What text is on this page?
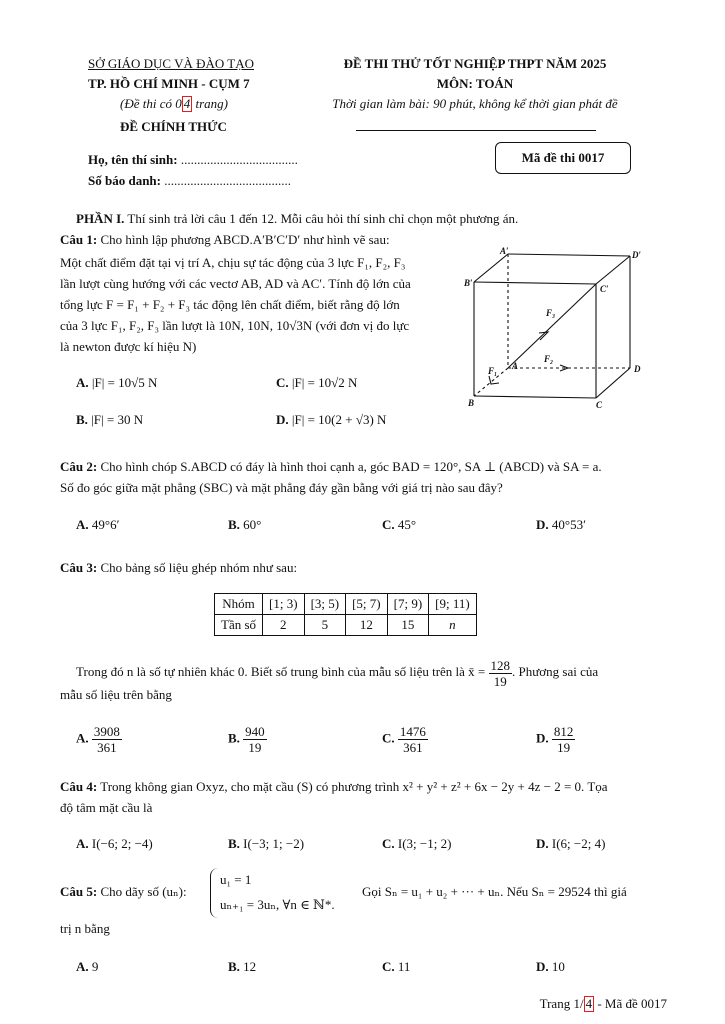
SỞ GIÁO DỤC VÀ ĐÀO TẠO
TP. HỒ CHÍ MINH - CỤM 7
(Đề thi có 0 4 trang)
ĐỀ CHÍNH THỨC
ĐỀ THI THỬ TỐT NGHIỆP THPT NĂM 2025
MÔN: TOÁN
Thời gian làm bài: 90 phút, không kể thời gian phát đề
Họ, tên thí sinh: ....................................
Số báo danh: .......................................
Mã đề thi 0017
PHẦN I. Thí sinh trả lời câu 1 đến 12. Mỗi câu hỏi thí sinh chỉ chọn một phương án.
Câu 1: Cho hình lập phương ABCD.A′B′C′D′ như hình vẽ sau:
Một chất điểm đặt tại vị trí A, chịu sự tác động của 3 lực F₁, F₂, F₃
lần lượt cùng hướng với các vectơ AB, AD và AC′. Tính độ lớn của
tổng lực F = F₁ + F₂ + F₃ tác động lên chất điểm, biết rằng độ lớn
của 3 lực F₁, F₂, F₃ lần lượt là 10N, 10N, 10√3N (với đơn vị đo lực
là newton được kí hiệu N)
A. |F| = 10√5 N	C. |F| = 10√2 N
B. |F| = 30 N	D. |F| = 10(2 + √3) N
A′	D′
B′
C′
A	D
B	C
F₁
F₂
F₃
Câu 2: Cho hình chóp S.ABCD có đáy là hình thoi cạnh a, góc BAD = 120°, SA ⊥ (ABCD) và SA = a.
Số đo góc giữa mặt phẳng (SBC) và mặt phẳng đáy gần bằng với giá trị nào sau đây?
A. 49°6′	B. 60°	C. 45°	D. 40°53′
Câu 3: Cho bảng số liệu ghép nhóm như sau:
Nhóm	[1; 3)	[3; 5)	[5; 7)	[7; 9)	[9; 11)
Tần số	2	5	12	15	n
Trong đó n là số tự nhiên khác 0. Biết số trung bình của mẫu số liệu trên là x̄ = $\frac{128}{19}$ . Phương sai của
mẫu số liệu trên bằng
A. $\frac{3908}{361}$	B. $\frac{940}{19}$	C. $\frac{1476}{361}$	D. $\frac{812}{19}$
Câu 4: Trong không gian Oxyz, cho mặt cầu (S) có phương trình x² + y² + z² + 6x − 2y + 4z − 2 = 0. Tọa
độ tâm mặt cầu là
A. I(−6; 2; −4)	B. I(−3; 1; −2)	C. I(3; −1; 2)	D. I(6; −2; 4)
Câu 5: Cho dãy số (uₙ):
u₁ = 1
uₙ₊₁ = 3uₙ, ∀n ∈ ℕ*.
Gọi Sₙ = u₁ + u₂ + ··· + uₙ. Nếu Sₙ = 29524 thì giá
trị n bằng
A. 9	B. 12	C. 11	D. 10
Trang 1/ 4 - Mã đề 0017
